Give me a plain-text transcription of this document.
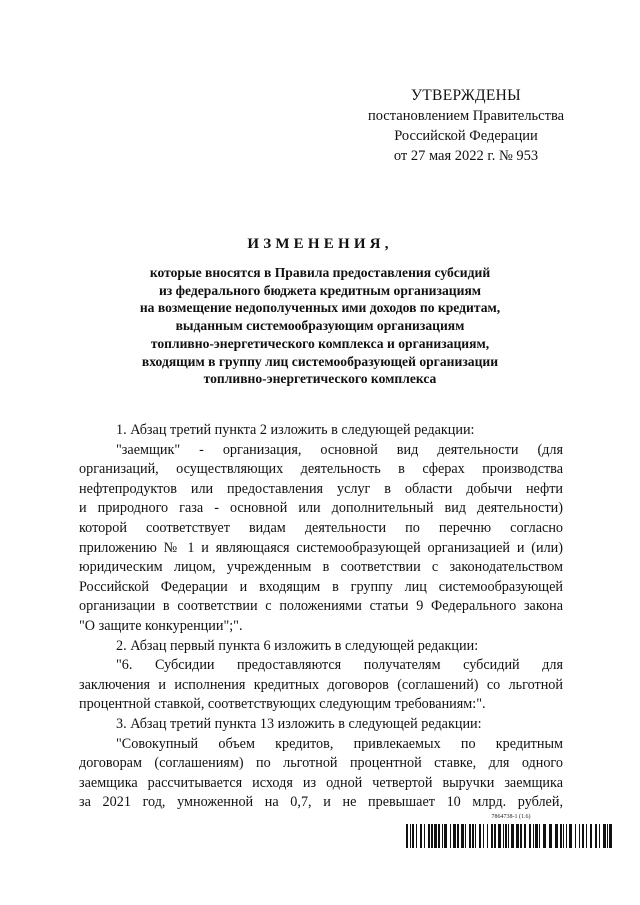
УТВЕРЖДЕНЫ
постановлением Правительства
Российской Федерации
от 27 мая 2022 г. № 953
ИЗМЕНЕНИЯ,
которые вносятся в Правила предоставления субсидий
из федерального бюджета кредитным организациям
на возмещение недополученных ими доходов по кредитам,
выданным системообразующим организациям
топливно-энергетического комплекса и организациям,
входящим в группу лиц системообразующей организации
топливно-энергетического комплекса
1. Абзац третий пункта 2 изложить в следующей редакции:
"заемщик" - организация, основной вид деятельности (для
организаций, осуществляющих деятельность в сферах производства
нефтепродуктов или предоставления услуг в области добычи нефти
и природного газа - основной или дополнительный вид деятельности)
которой соответствует видам деятельности по перечню согласно
приложению № 1 и являющаяся системообразующей организацией и (или)
юридическим лицом, учрежденным в соответствии с законодательством
Российской Федерации и входящим в группу лиц системообразующей
организации в соответствии с положениями статьи 9 Федерального закона
"О защите конкуренции";".
2. Абзац первый пункта 6 изложить в следующей редакции:
"6. Субсидии предоставляются получателям субсидий для
заключения и исполнения кредитных договоров (соглашений) со льготной
процентной ставкой, соответствующих следующим требованиям:".
3. Абзац третий пункта 13 изложить в следующей редакции:
"Совокупный объем кредитов, привлекаемых по кредитным
договорам (соглашениям) по льготной процентной ставке, для одного
заемщика рассчитывается исходя из одной четвертой выручки заемщика
за 2021 год, умноженной на 0,7, и не превышает 10 млрд. рублей,
7864738-1 (1.6)
